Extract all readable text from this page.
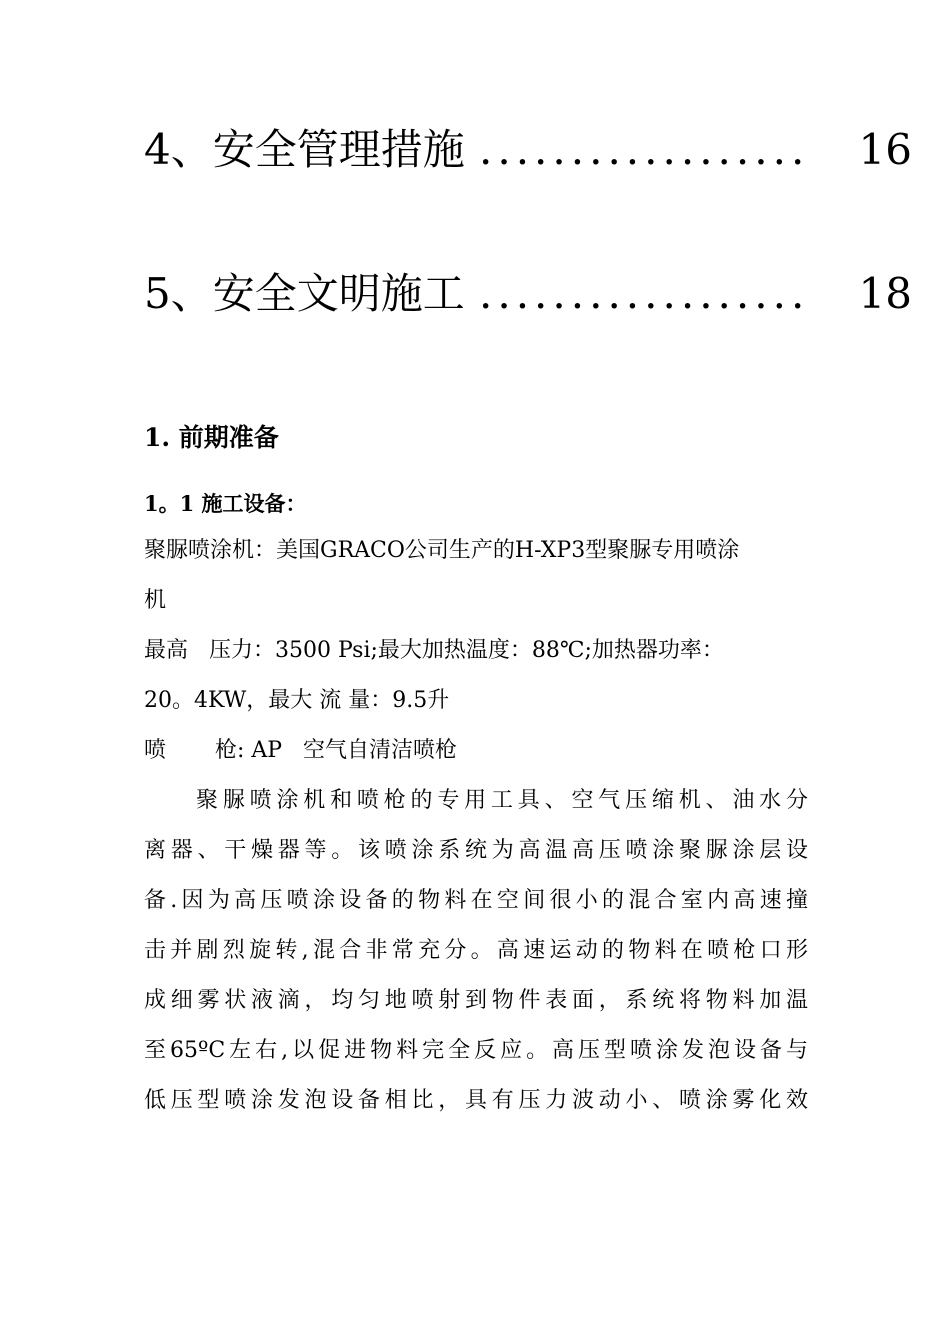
4、安全管理措施 .................. 16
5、安全文明施工 .................. 18
1. 前期准备
1。1 施工设备：
聚脲喷涂机：美国GRACO公司生产的H-XP3型聚脲专用喷涂
机
最高   压力：3500 Psi;最大加热温度：88℃;加热器功率：
20。4KW，最大 流 量：9.5升
喷       枪: AP   空气自清洁喷枪
聚脲喷涂机和喷枪的专用工具、空气压缩机、油水分
离器、干燥器等。该喷涂系统为高温高压喷涂聚脲涂层设
备.因为高压喷涂设备的物料在空间很小的混合室内高速撞
击并剧烈旋转,混合非常充分。高速运动的物料在喷枪口形
成细雾状液滴，均匀地喷射到物件表面，系统将物料加温
至65ºC左右,以促进物料完全反应。高压型喷涂发泡设备与
低压型喷涂发泡设备相比，具有压力波动小、喷涂雾化效
